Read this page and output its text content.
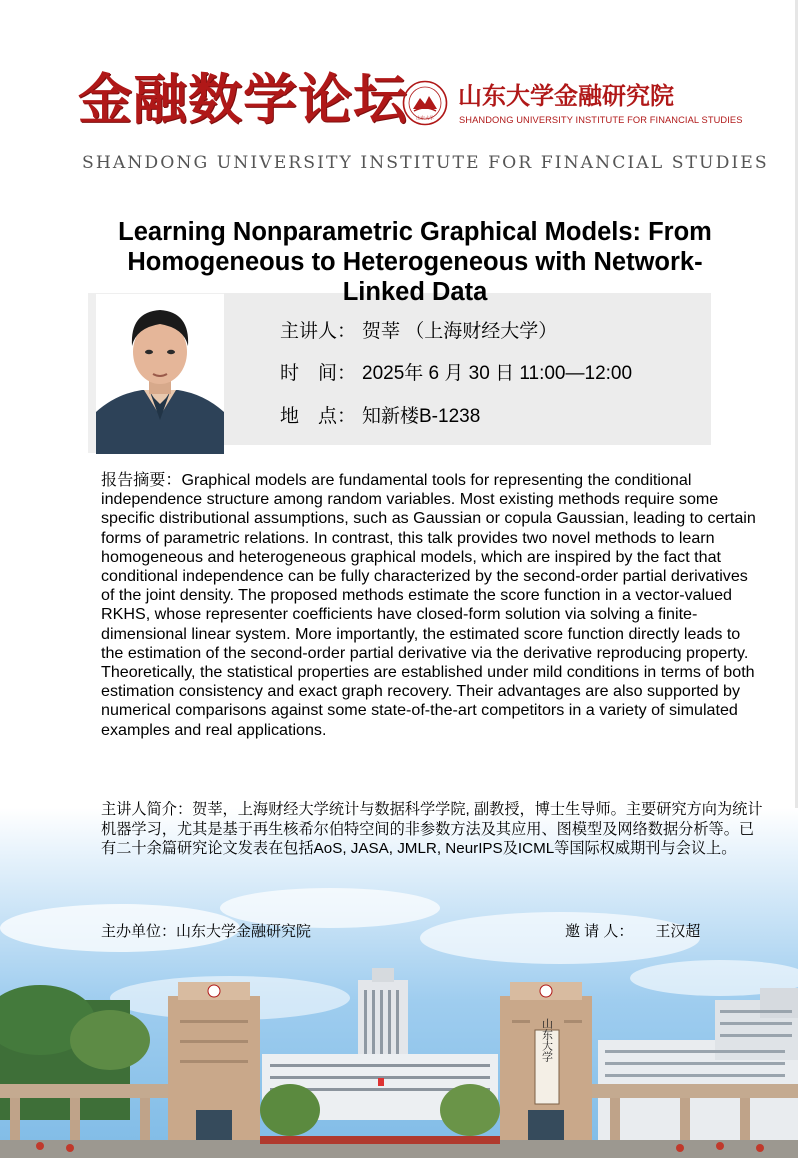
金融数学论坛 山东大学
山东大学金融研究院
SHANDONG UNIVERSITY INSTITUTE FOR FINANCIAL STUDIES
SHANDONG UNIVERSITY INSTITUTE FOR FINANCIAL STUDIES
主讲人： 贺莘 （上海财经大学）
时　间： 2025年 6 月 30 日 11:00—12:00
地　点： 知新楼B-1238
Learning Nonparametric Graphical Models: From Homogeneous to Heterogeneous with Network-Linked Data
报告摘要：Graphical models are fundamental tools for representing the conditional independence structure among random variables. Most existing methods require some specific distributional assumptions, such as Gaussian or copula Gaussian, leading to certain forms of parametric relations. In contrast, this talk provides two novel methods to learn homogeneous and heterogeneous graphical models, which are inspired by the fact that conditional independence can be fully characterized by the second-order partial derivatives of the joint density. The proposed methods estimate the score function in a vector-valued RKHS, whose representer coefficients have closed-form solution via solving a finite-dimensional linear system. More importantly, the estimated score function directly leads to the estimation of the second-order partial derivative via the derivative reproducing property. Theoretically, the statistical properties are established under mild conditions in terms of both estimation consistency and exact graph recovery. Their advantages are also supported by numerical comparisons against some state-of-the-art competitors in a variety of simulated examples and real applications.
主讲人简介：贺莘，上海财经大学统计与数据科学学院, 副教授，博士生导师。主要研究方向为统计机器学习，尤其是基于再生核希尔伯特空间的非参数方法及其应用、图模型及网络数据分析等。已有二十余篇研究论文发表在包括AoS, JASA, JMLR, NeurIPS及ICML等国际权威期刊与会议上。
主办单位：山东大学金融研究院	邀 请 人： 王汉超
山东大学
